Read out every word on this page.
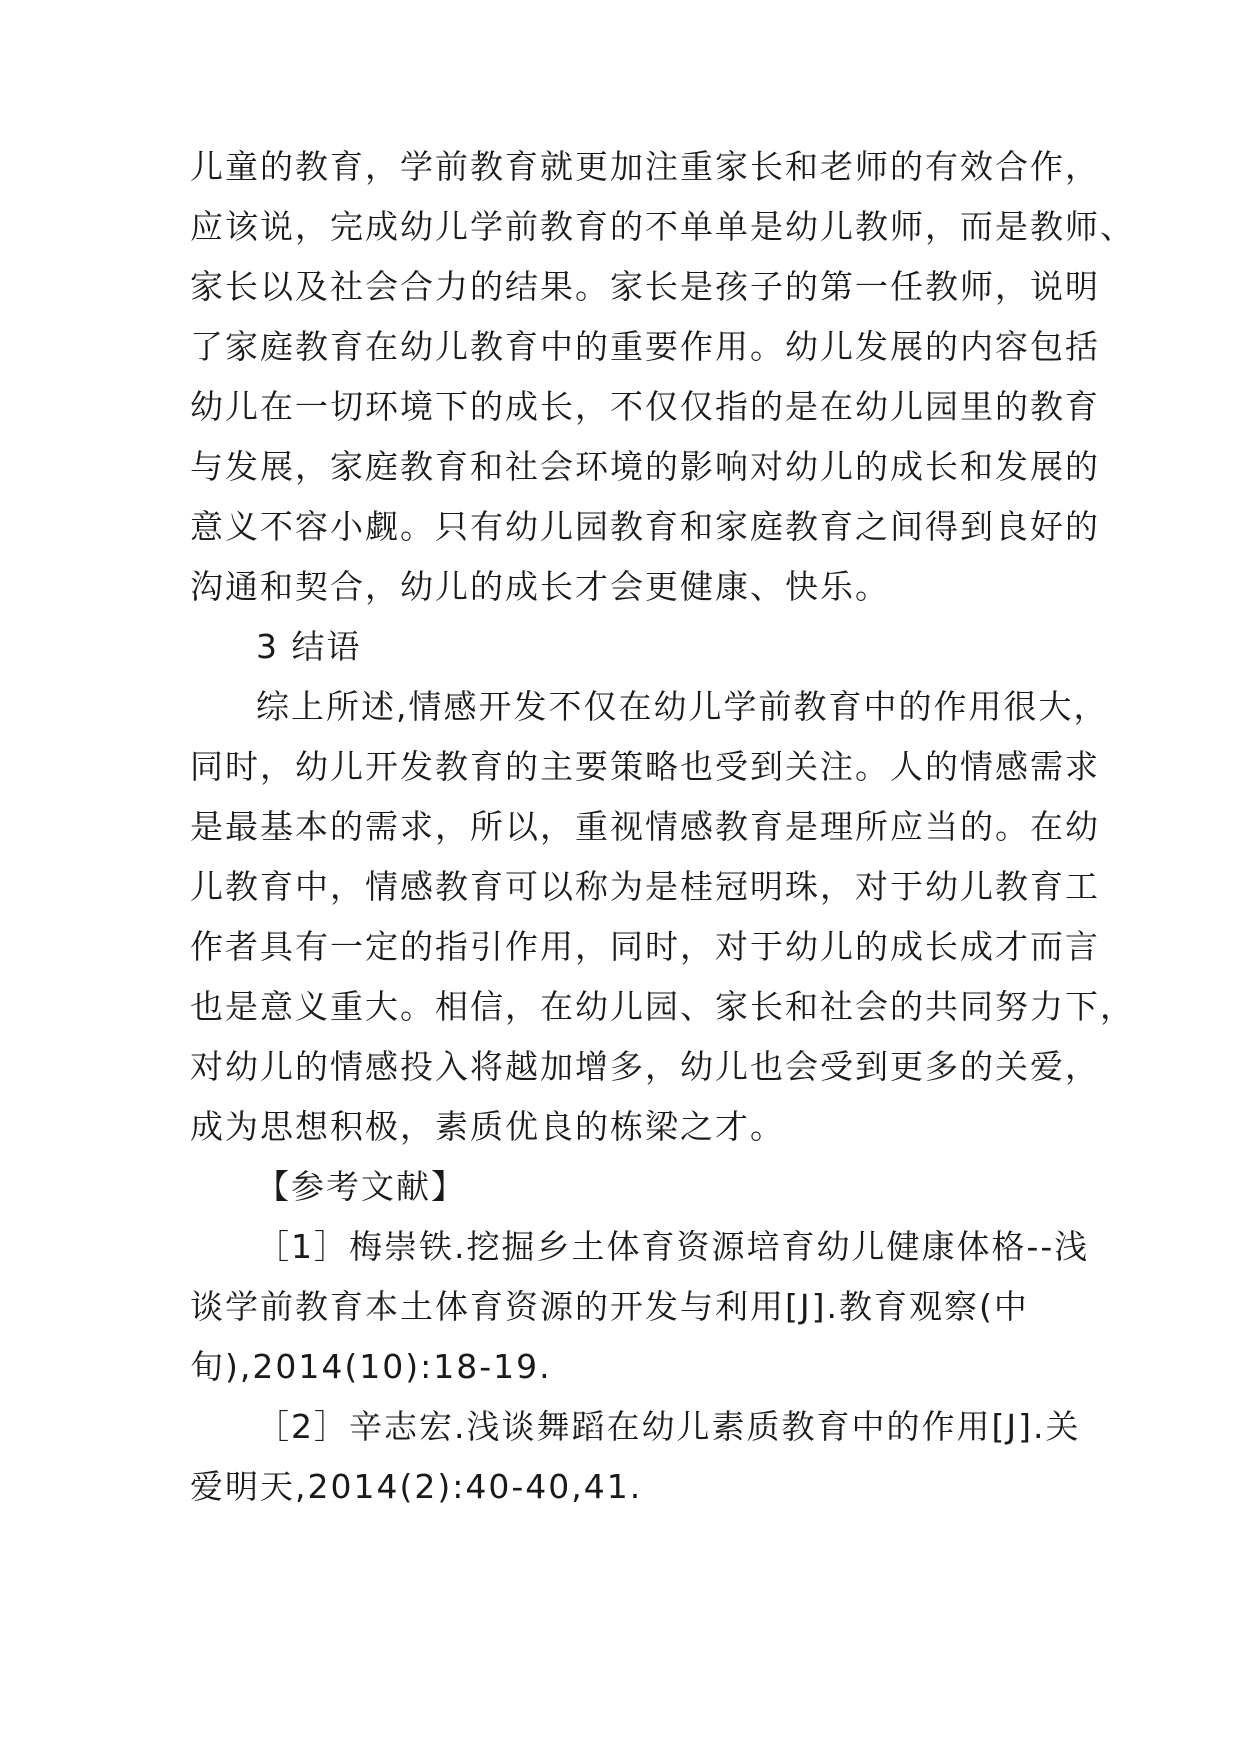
儿童的教育，学前教育就更加注重家长和老师的有效合作，
应该说，完成幼儿学前教育的不单单是幼儿教师，而是教师、
家长以及社会合力的结果。家长是孩子的第一任教师，说明
了家庭教育在幼儿教育中的重要作用。幼儿发展的内容包括
幼儿在一切环境下的成长，不仅仅指的是在幼儿园里的教育
与发展，家庭教育和社会环境的影响对幼儿的成长和发展的
意义不容小觑。只有幼儿园教育和家庭教育之间得到良好的
沟通和契合，幼儿的成长才会更健康、快乐。
3 结语
综上所述,情感开发不仅在幼儿学前教育中的作用很大，
同时，幼儿开发教育的主要策略也受到关注。人的情感需求
是最基本的需求，所以，重视情感教育是理所应当的。在幼
儿教育中，情感教育可以称为是桂冠明珠，对于幼儿教育工
作者具有一定的指引作用，同时，对于幼儿的成长成才而言
也是意义重大。相信，在幼儿园、家长和社会的共同努力下，
对幼儿的情感投入将越加增多，幼儿也会受到更多的关爱，
成为思想积极，素质优良的栋梁之才。
【参考文献】
［1］梅崇铁.挖掘乡土体育资源培育幼儿健康体格--浅
谈学前教育本土体育资源的开发与利用[J].教育观察(中
旬),2014(10):18-19.
［2］辛志宏.浅谈舞蹈在幼儿素质教育中的作用[J].关
爱明天,2014(2):40-40,41.
